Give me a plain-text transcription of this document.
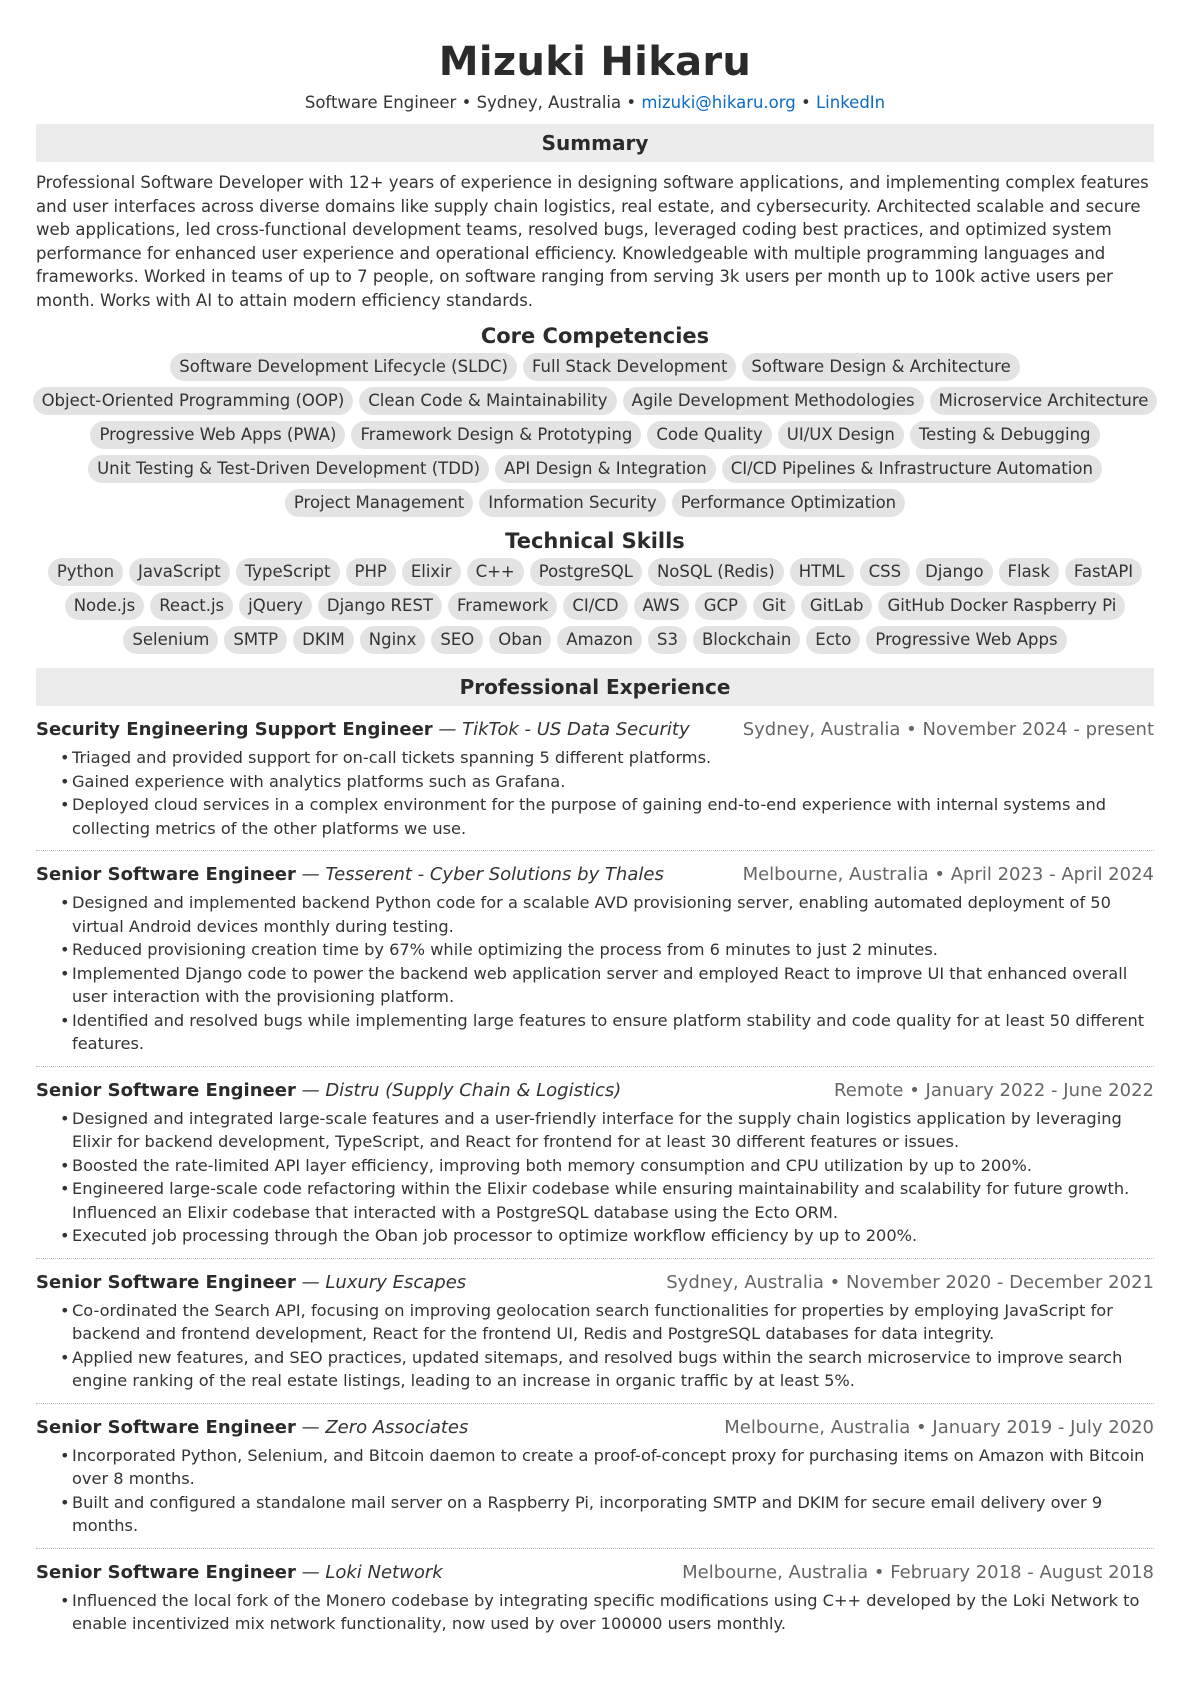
Mizuki Hikaru
Software Engineer • Sydney, Australia • mizuki@hikaru.org • LinkedIn
Summary

Professional Software Developer with 12+ years of experience in designing software applications, and implementing complex features and user interfaces across diverse domains like supply chain logistics, real estate, and cybersecurity. Architected scalable and secure web applications, led cross-functional development teams, resolved bugs, leveraged coding best practices, and optimized system performance for enhanced user experience and operational efficiency. Knowledgeable with multiple programming languages and frameworks. Worked in teams of up to 7 people, on software ranging from serving 3k users per month up to 100k active users per month. Works with AI to attain modern efficiency standards.

Core Competencies
Software Development Lifecycle (SLDC)	Full Stack Development	Software Design & Architecture
Object-Oriented Programming (OOP)	Clean Code & Maintainability	Agile Development Methodologies	Microservice Architecture
Progressive Web Apps (PWA)	Framework Design & Prototyping	Code Quality	UI/UX Design	Testing & Debugging
Unit Testing & Test-Driven Development (TDD)	API Design & Integration	CI/CD Pipelines & Infrastructure Automation
Project Management	Information Security	Performance Optimization
Technical Skills
Python	JavaScript	TypeScript	PHP	Elixir	C++	PostgreSQL	NoSQL (Redis)	HTML	CSS	Django	Flask	FastAPI
Node.js	React.js	jQuery	Django REST	Framework	CI/CD	AWS	GCP	Git	GitLab	GitHub Docker Raspberry Pi
Selenium	SMTP	DKIM	Nginx	SEO	Oban	Amazon	S3	Blockchain	Ecto	Progressive Web Apps
Professional Experience
Security Engineering Support Engineer — TikTok - US Data Security	Sydney, Australia • November 2024 - present
• Triaged and provided support for on-call tickets spanning 5 different platforms.
• Gained experience with analytics platforms such as Grafana.
• Deployed cloud services in a complex environment for the purpose of gaining end-to-end experience with internal systems and collecting metrics of the other platforms we use.
Senior Software Engineer — Tesserent - Cyber Solutions by Thales	Melbourne, Australia • April 2023 - April 2024
• Designed and implemented backend Python code for a scalable AVD provisioning server, enabling automated deployment of 50 virtual Android devices monthly during testing.
• Reduced provisioning creation time by 67% while optimizing the process from 6 minutes to just 2 minutes.
• Implemented Django code to power the backend web application server and employed React to improve UI that enhanced overall user interaction with the provisioning platform.
• Identified and resolved bugs while implementing large features to ensure platform stability and code quality for at least 50 different features.
Senior Software Engineer — Distru (Supply Chain & Logistics)	Remote • January 2022 - June 2022
• Designed and integrated large-scale features and a user-friendly interface for the supply chain logistics application by leveraging Elixir for backend development, TypeScript, and React for frontend for at least 30 different features or issues.
• Boosted the rate-limited API layer efficiency, improving both memory consumption and CPU utilization by up to 200%.
• Engineered large-scale code refactoring within the Elixir codebase while ensuring maintainability and scalability for future growth. Influenced an Elixir codebase that interacted with a PostgreSQL database using the Ecto ORM.
• Executed job processing through the Oban job processor to optimize workflow efficiency by up to 200%.
Senior Software Engineer — Luxury Escapes	Sydney, Australia • November 2020 - December 2021
• Co-ordinated the Search API, focusing on improving geolocation search functionalities for properties by employing JavaScript for backend and frontend development, React for the frontend UI, Redis and PostgreSQL databases for data integrity.
• Applied new features, and SEO practices, updated sitemaps, and resolved bugs within the search microservice to improve search engine ranking of the real estate listings, leading to an increase in organic traffic by at least 5%.
Senior Software Engineer — Zero Associates	Melbourne, Australia • January 2019 - July 2020
• Incorporated Python, Selenium, and Bitcoin daemon to create a proof-of-concept proxy for purchasing items on Amazon with Bitcoin over 8 months.
• Built and configured a standalone mail server on a Raspberry Pi, incorporating SMTP and DKIM for secure email delivery over 9 months.
Senior Software Engineer — Loki Network	Melbourne, Australia • February 2018 - August 2018
• Influenced the local fork of the Monero codebase by integrating specific modifications using C++ developed by the Loki Network to enable incentivized mix network functionality, now used by over 100000 users monthly.
